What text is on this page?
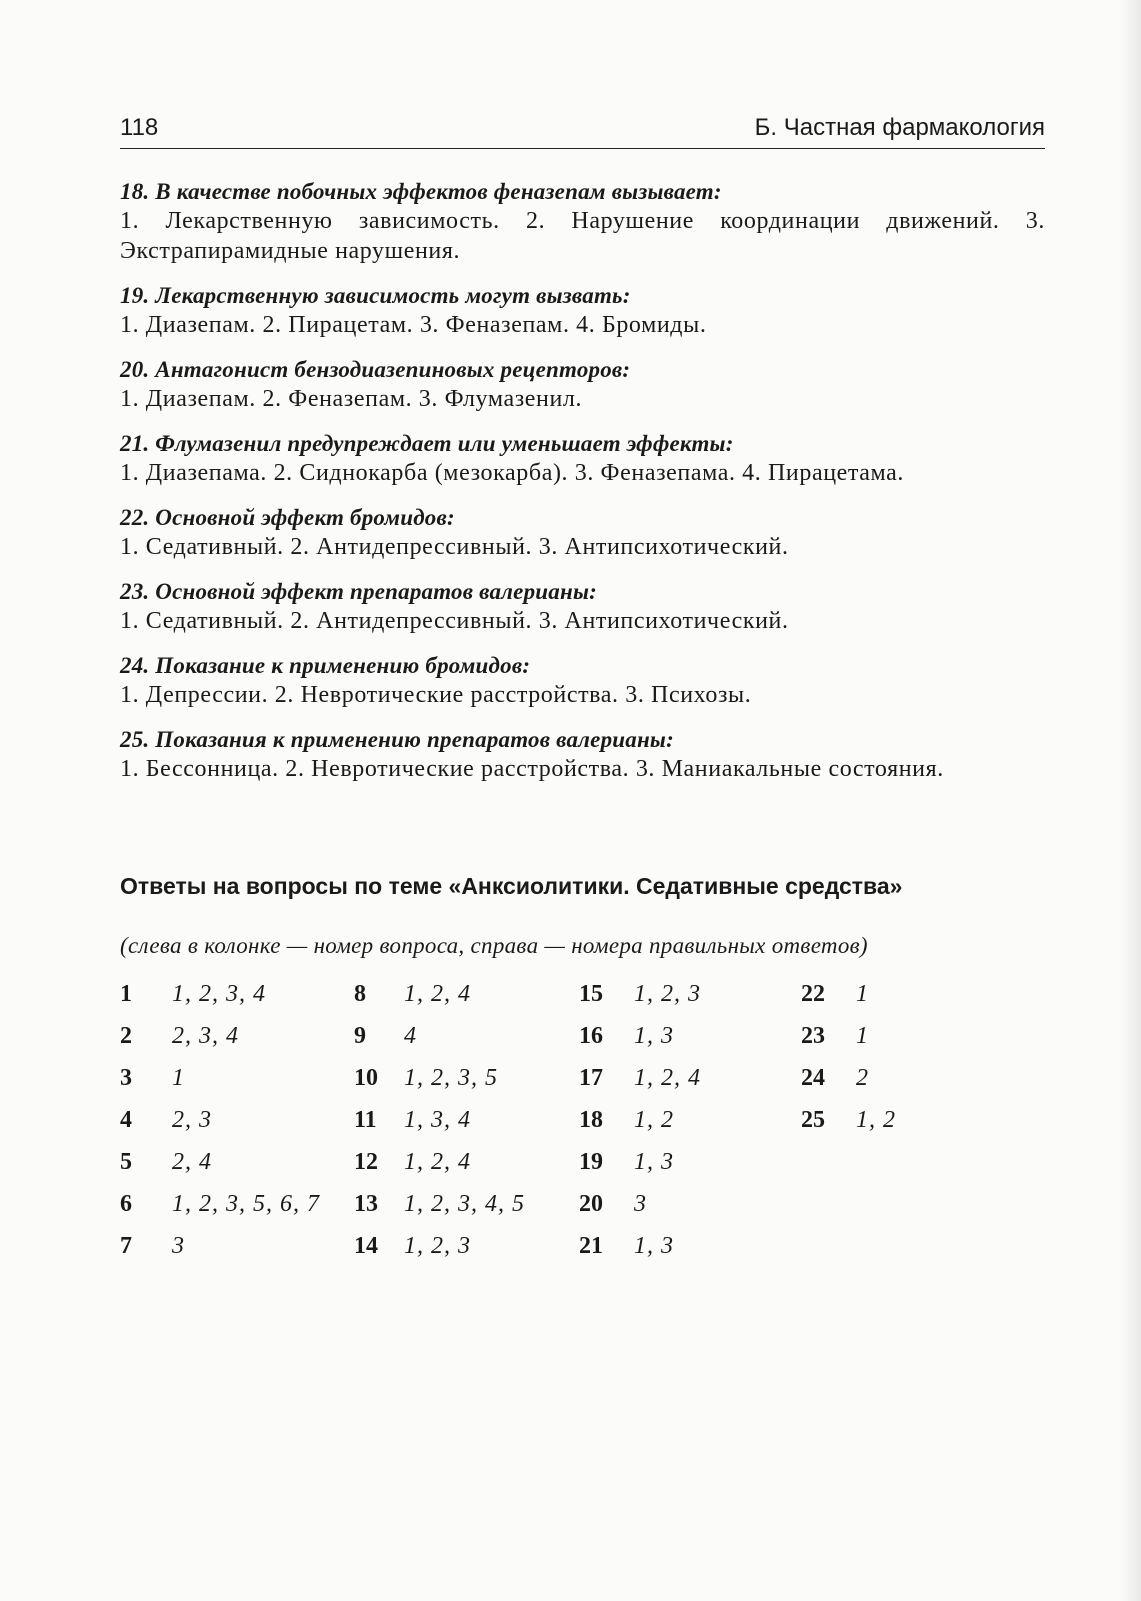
118	Б. Частная фармакология
18. В качестве побочных эффектов феназепам вызывает:
1. Лекарственную зависимость. 2. Нарушение координации движений. 3. Экстрапирамидные нарушения.
19. Лекарственную зависимость могут вызвать:
1. Диазепам. 2. Пирацетам. 3. Феназепам. 4. Бромиды.
20. Антагонист бензодиазепиновых рецепторов:
1. Диазепам. 2. Феназепам. 3. Флумазенил.
21. Флумазенил предупреждает или уменьшает эффекты:
1. Диазепама. 2. Сиднокарба (мезокарба). 3. Феназепама. 4. Пирацетама.
22. Основной эффект бромидов:
1. Седативный. 2. Антидепрессивный. 3. Антипсихотический.
23. Основной эффект препаратов валерианы:
1. Седативный. 2. Антидепрессивный. 3. Антипсихотический.
24. Показание к применению бромидов:
1. Депрессии. 2. Невротические расстройства. 3. Психозы.
25. Показания к применению препаратов валерианы:
1. Бессонница. 2. Невротические расстройства. 3. Маниакальные состояния.
Ответы на вопросы по теме «Анксиолитики. Седативные средства»
(слева в колонке — номер вопроса, справа — номера правильных ответов)
1 1, 2, 3, 4
2 2, 3, 4
3 1
4 2, 3
5 2, 4
6 1, 2, 3, 5, 6, 7
7 3
8 1, 2, 4
9 4
10 1, 2, 3, 5
11 1, 3, 4
12 1, 2, 4
13 1, 2, 3, 4, 5
14 1, 2, 3
15 1, 2, 3
16 1, 3
17 1, 2, 4
18 1, 2
19 1, 3
20 3
21 1, 3
22 1
23 1
24 2
25 1, 2
